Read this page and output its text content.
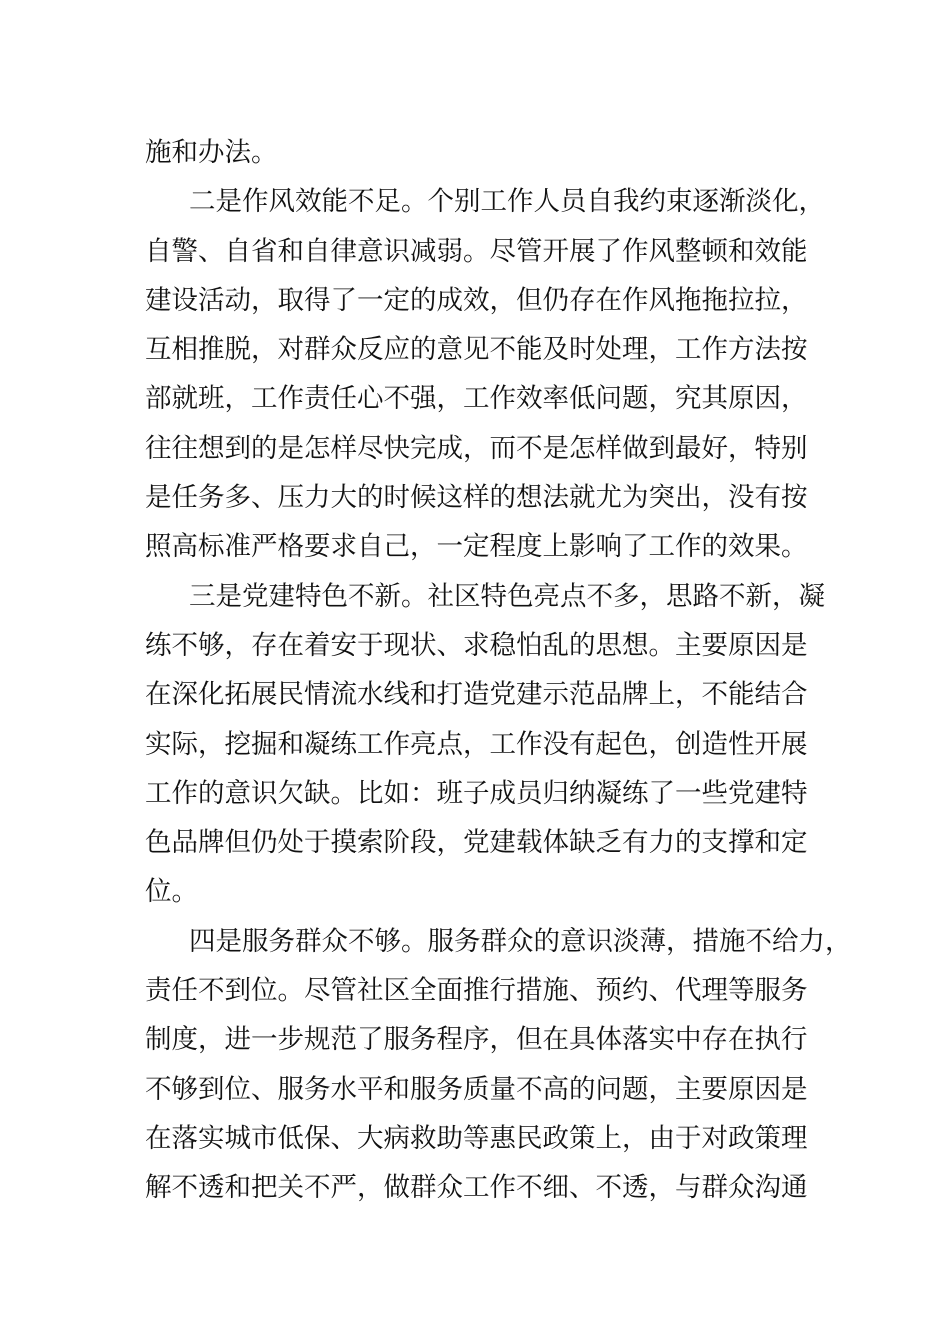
施和办法。
二是作风效能不足。个别工作人员自我约束逐渐淡化，
自警、自省和自律意识减弱。尽管开展了作风整顿和效能
建设活动，取得了一定的成效，但仍存在作风拖拖拉拉，
互相推脱，对群众反应的意见不能及时处理，工作方法按
部就班，工作责任心不强，工作效率低问题，究其原因，
往往想到的是怎样尽快完成，而不是怎样做到最好，特别
是任务多、压力大的时候这样的想法就尤为突出，没有按
照高标准严格要求自己，一定程度上影响了工作的效果。
三是党建特色不新。社区特色亮点不多，思路不新，凝
练不够，存在着安于现状、求稳怕乱的思想。主要原因是
在深化拓展民情流水线和打造党建示范品牌上，不能结合
实际，挖掘和凝练工作亮点，工作没有起色，创造性开展
工作的意识欠缺。比如：班子成员归纳凝练了一些党建特
色品牌但仍处于摸索阶段，党建载体缺乏有力的支撑和定
位。
四是服务群众不够。服务群众的意识淡薄，措施不给力，
责任不到位。尽管社区全面推行措施、预约、代理等服务
制度，进一步规范了服务程序，但在具体落实中存在执行
不够到位、服务水平和服务质量不高的问题，主要原因是
在落实城市低保、大病救助等惠民政策上，由于对政策理
解不透和把关不严，做群众工作不细、不透，与群众沟通
